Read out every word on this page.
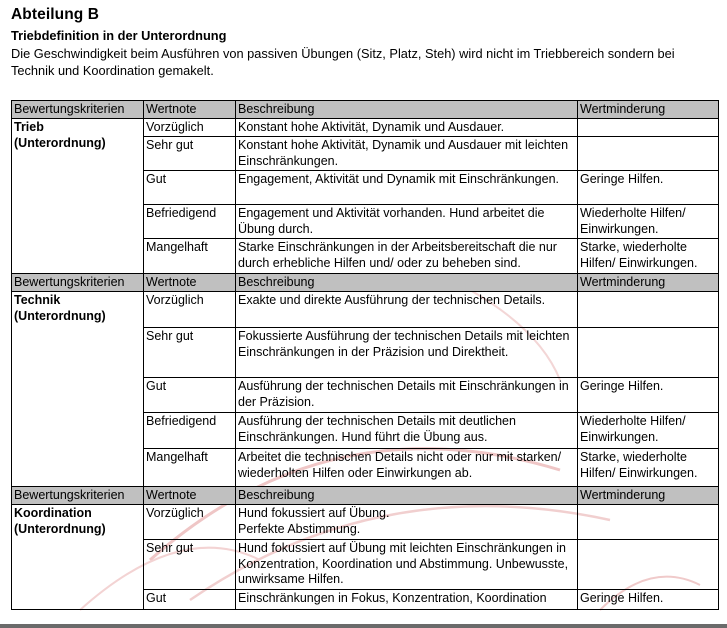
Abteilung B
Triebdefinition in der Unterordnung

Die Geschwindigkeit beim Ausführen von passiven Übungen (Sitz, Platz, Steh) wird nicht im Triebbereich sondern bei Technik und Koordination gemakelt.

Bewertungskriterien	Wertnote	Beschreibung	Wertminderung
Trieb
(Unterordnung)	Vorzüglich	Konstant hohe Aktivität, Dynamik und Ausdauer.	
	Sehr gut	Konstant hohe Aktivität, Dynamik und Ausdauer mit leichten Einschränkungen.	
	Gut	Engagement, Aktivität und Dynamik mit Einschränkungen.	Geringe Hilfen.
	Befriedigend	Engagement und Aktivität vorhanden. Hund arbeitet die Übung durch.	Wiederholte Hilfen/ Einwirkungen.
	Mangelhaft	Starke Einschränkungen in der Arbeitsbereitschaft die nur durch erhebliche Hilfen und/ oder zu beheben sind.	Starke, wiederholte Hilfen/ Einwirkungen.
Bewertungskriterien	Wertnote	Beschreibung	Wertminderung
Technik
(Unterordnung)	Vorzüglich	Exakte und direkte Ausführung der technischen Details.	
	Sehr gut	Fokussierte Ausführung der technischen Details mit leichten Einschränkungen in der Präzision und Direktheit.	
	Gut	Ausführung der technischen Details mit Einschränkungen in der Präzision.	Geringe Hilfen.
	Befriedigend	Ausführung der technischen Details mit deutlichen Einschränkungen. Hund führt die Übung aus.	Wiederholte Hilfen/ Einwirkungen.
	Mangelhaft	Arbeitet die technischen Details nicht oder nur mit starken/ wiederholten Hilfen oder Einwirkungen ab.	Starke, wiederholte Hilfen/ Einwirkungen.
Bewertungskriterien	Wertnote	Beschreibung	Wertminderung
Koordination
(Unterordnung)	Vorzüglich	Hund fokussiert auf Übung.
Perfekte Abstimmung.	
	Sehr gut	Hund fokussiert auf Übung mit leichten Einschränkungen in Konzentration, Koordination und Abstimmung. Unbewusste, unwirksame Hilfen.	
	Gut	Einschränkungen in Fokus, Konzentration, Koordination	Geringe Hilfen.
